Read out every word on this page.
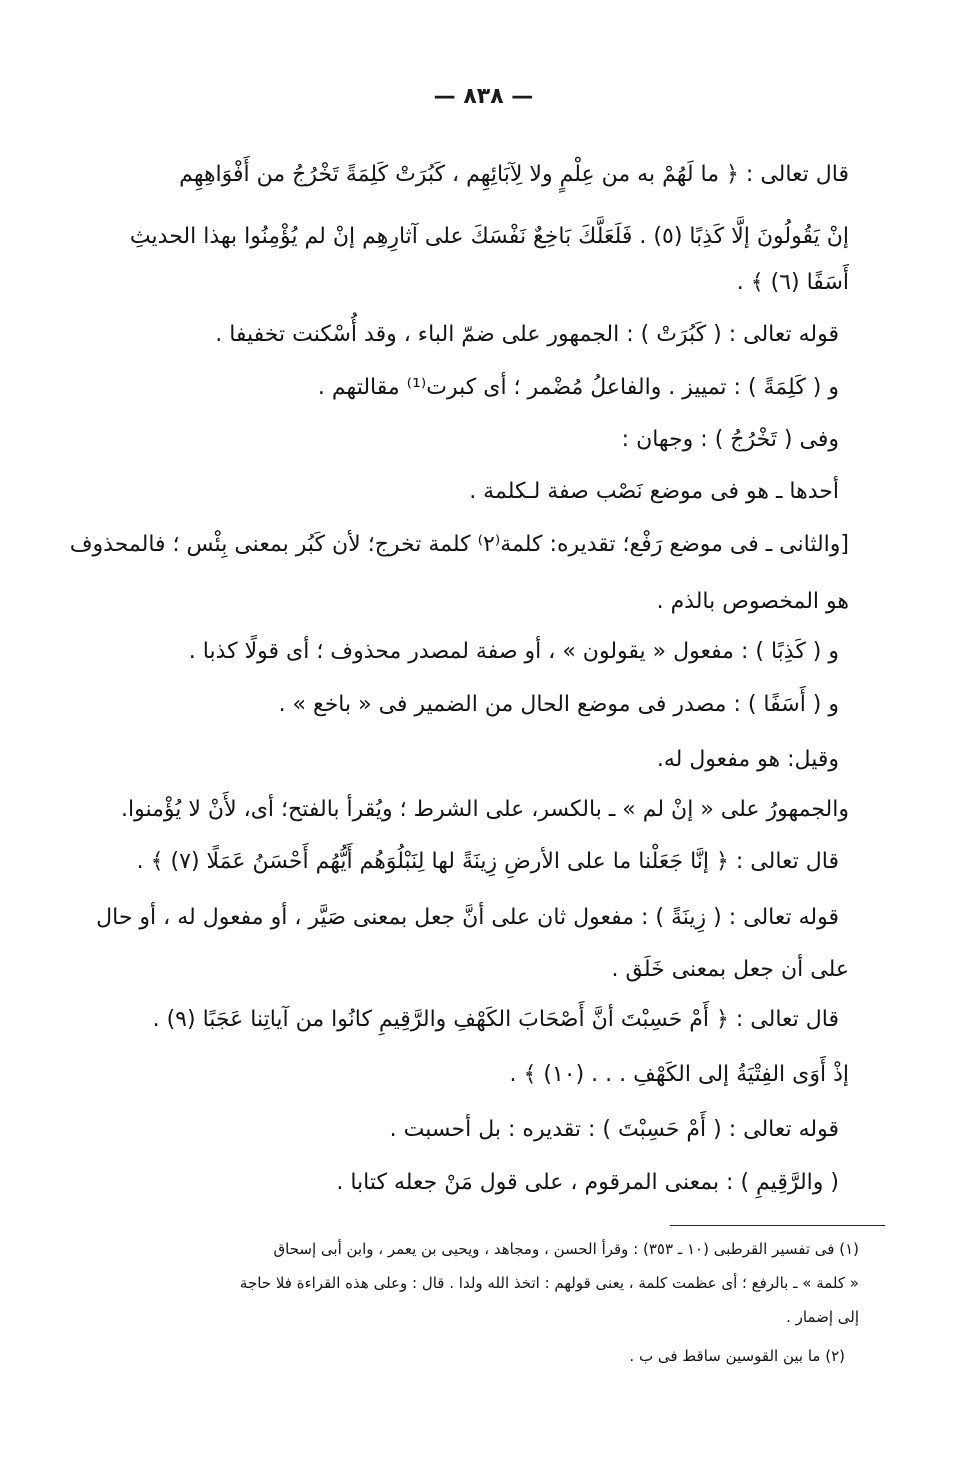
— ٨٣٨ —
قال تعالى : ﴿ ما لَهُمْ به من عِلْمٍ ولا لِآبَائِهِم ، كَبُرَتْ كَلِمَةً تَخْرُجُ من أَفْوَاهِهِم
إنْ يَقُولُونَ إلَّا كَذِبًا (٥) . فَلَعَلَّكَ بَاخِعٌ نَفْسَكَ على آثارِهِم إنْ لم يُؤْمِنُوا بهذا الحديثِ
أَسَفًا (٦) ﴾ .
قوله تعالى : ( كَبُرَتْ ) : الجمهور على ضمّ الباء ، وقد أُسْكنت تخفيفا .
و ( كَلِمَةً ) : تمييز . والفاعلُ مُضْمر ؛ أى كبرت⁽¹⁾ مقالتهم .
وفى ( تَخْرُجُ ) : وجهان :
أحدها ـ هو فى موضع نَصْب صفة لـكلمة .
[والثانى ـ فى موضع رَفْع؛ تقديره: كلمة⁽٢⁾ كلمة تخرج؛ لأن كَبُر بمعنى بِئْس ؛ فالمحذوف
هو المخصوص بالذم .
و ( كَذِبًا ) : مفعول « يقولون » ، أو صفة لمصدر محذوف ؛ أى قولًا كذبا .
و ( أَسَفًا ) : مصدر فى موضع الحال من الضمير فى « باخع » .
وقيل: هو مفعول له.
والجمهورُ على « إنْ لم » ـ بالكسر، على الشرط ؛ ويُقرأ بالفتح؛ أى، لأَنْ لا يُؤْمنوا.
قال تعالى : ﴿ إنَّا جَعَلْنا ما على الأرضِ زِينَةً لها لِنَبْلُوَهُم أَيُّهُم أَحْسَنُ عَمَلًا (٧) ﴾ .
قوله تعالى : ( زِينَةً ) : مفعول ثان على أنَّ جعل بمعنى صَيَّر ، أو مفعول له ، أو حال
على أن جعل بمعنى خَلَق .
قال تعالى : ﴿ أَمْ حَسِبْتَ أنَّ أَصْحَابَ الكَهْفِ والرَّقِيمِ كانُوا من آياتِنا عَجَبًا (٩) .
إذْ أَوَى الفِتْيَةُ إلى الكَهْفِ . . . (١٠) ﴾ .
قوله تعالى : ( أَمْ حَسِبْتَ ) : تقديره : بل أحسبت .
( والرَّقِيمِ ) : بمعنى المرقوم ، على قول مَنْ جعله كتابا .
(١) فى تفسير القرطبى (١٠ ـ ٣٥٣) : وقرأ الحسن ، ومجاهد ، ويحيى بن يعمر ، وابن أبى إسحاق
« كلمة » ـ بالرفع ؛ أى عظمت كلمة ، يعنى قولهم : اتخذ الله ولدا . قال : وعلى هذه القراءة فلا حاجة
إلى إضمار .
(٢) ما بين القوسين ساقط فى ب .
